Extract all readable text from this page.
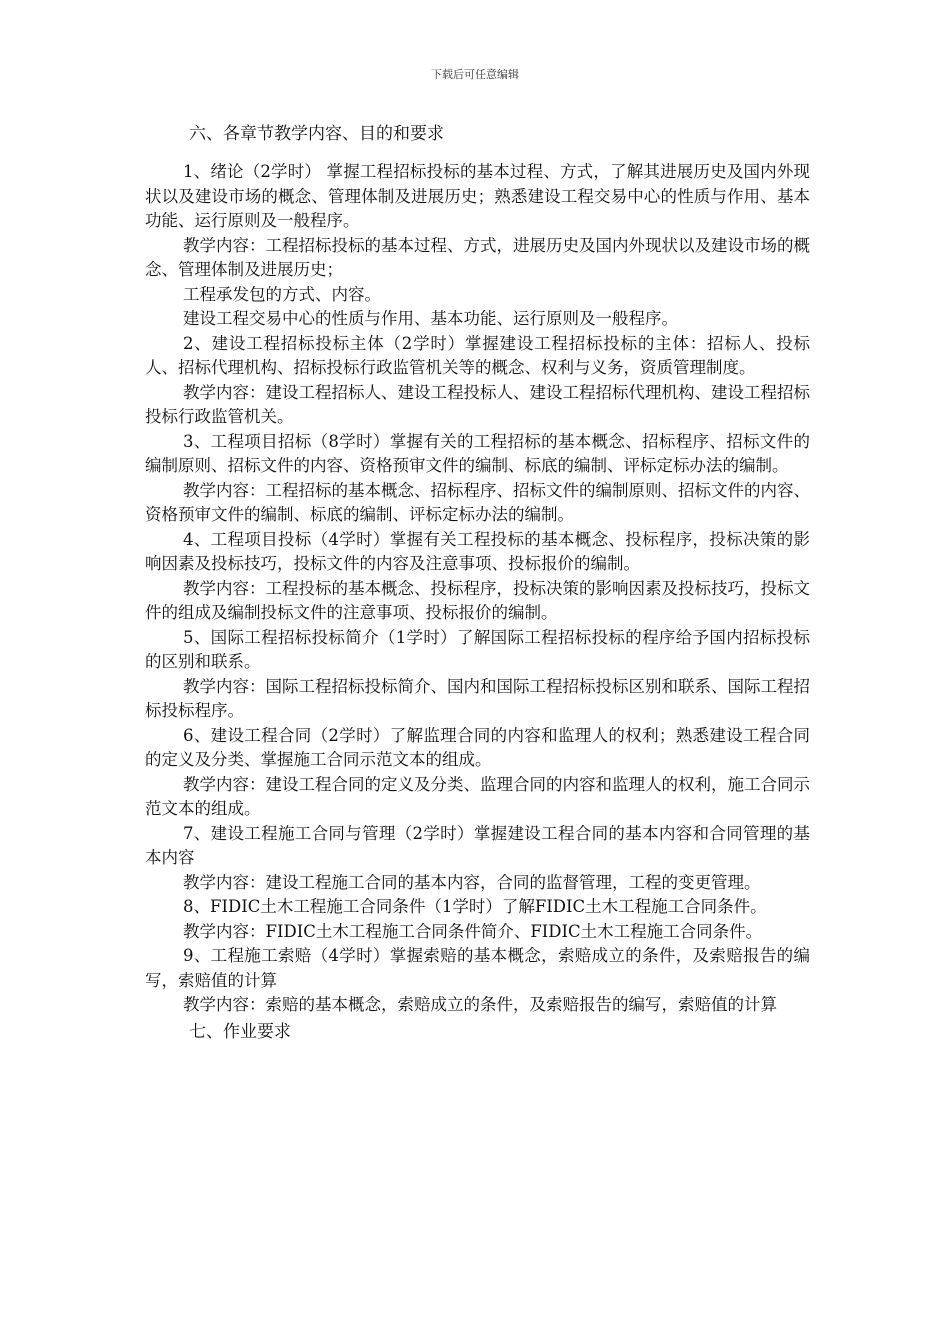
下载后可任意编辑
六、各章节教学内容、目的和要求

1、绪论（2学时） 掌握工程招标投标的基本过程、方式，了解其进展历史及国内外现状以及建设市场的概念、管理体制及进展历史；熟悉建设工程交易中心的性质与作用、基本功能、运行原则及一般程序。

教学内容：工程招标投标的基本过程、方式，进展历史及国内外现状以及建设市场的概念、管理体制及进展历史；

工程承发包的方式、内容。

建设工程交易中心的性质与作用、基本功能、运行原则及一般程序。

2、建设工程招标投标主体（2学时）掌握建设工程招标投标的主体：招标人、投标人、招标代理机构、招标投标行政监管机关等的概念、权利与义务，资质管理制度。

教学内容：建设工程招标人、建设工程投标人、建设工程招标代理机构、建设工程招标投标行政监管机关。

3、工程项目招标（8学时）掌握有关的工程招标的基本概念、招标程序、招标文件的编制原则、招标文件的内容、资格预审文件的编制、标底的编制、评标定标办法的编制。

教学内容：工程招标的基本概念、招标程序、招标文件的编制原则、招标文件的内容、资格预审文件的编制、标底的编制、评标定标办法的编制。

4、工程项目投标（4学时）掌握有关工程投标的基本概念、投标程序，投标决策的影响因素及投标技巧，投标文件的内容及注意事项、投标报价的编制。

教学内容：工程投标的基本概念、投标程序，投标决策的影响因素及投标技巧，投标文件的组成及编制投标文件的注意事项、投标报价的编制。

5、国际工程招标投标简介（1学时）了解国际工程招标投标的程序给予国内招标投标的区别和联系。

教学内容：国际工程招标投标简介、国内和国际工程招标投标区别和联系、国际工程招标投标程序。

6、建设工程合同（2学时）了解监理合同的内容和监理人的权利；熟悉建设工程合同的定义及分类、掌握施工合同示范文本的组成。

教学内容：建设工程合同的定义及分类、监理合同的内容和监理人的权利，施工合同示范文本的组成。

7、建设工程施工合同与管理（2学时）掌握建设工程合同的基本内容和合同管理的基本内容

教学内容：建设工程施工合同的基本内容，合同的监督管理，工程的变更管理。

8、FIDIC土木工程施工合同条件（1学时）了解FIDIC土木工程施工合同条件。

教学内容：FIDIC土木工程施工合同条件简介、FIDIC土木工程施工合同条件。

9、工程施工索赔（4学时）掌握索赔的基本概念，索赔成立的条件，及索赔报告的编写，索赔值的计算

教学内容：索赔的基本概念，索赔成立的条件，及索赔报告的编写，索赔值的计算

七、作业要求
